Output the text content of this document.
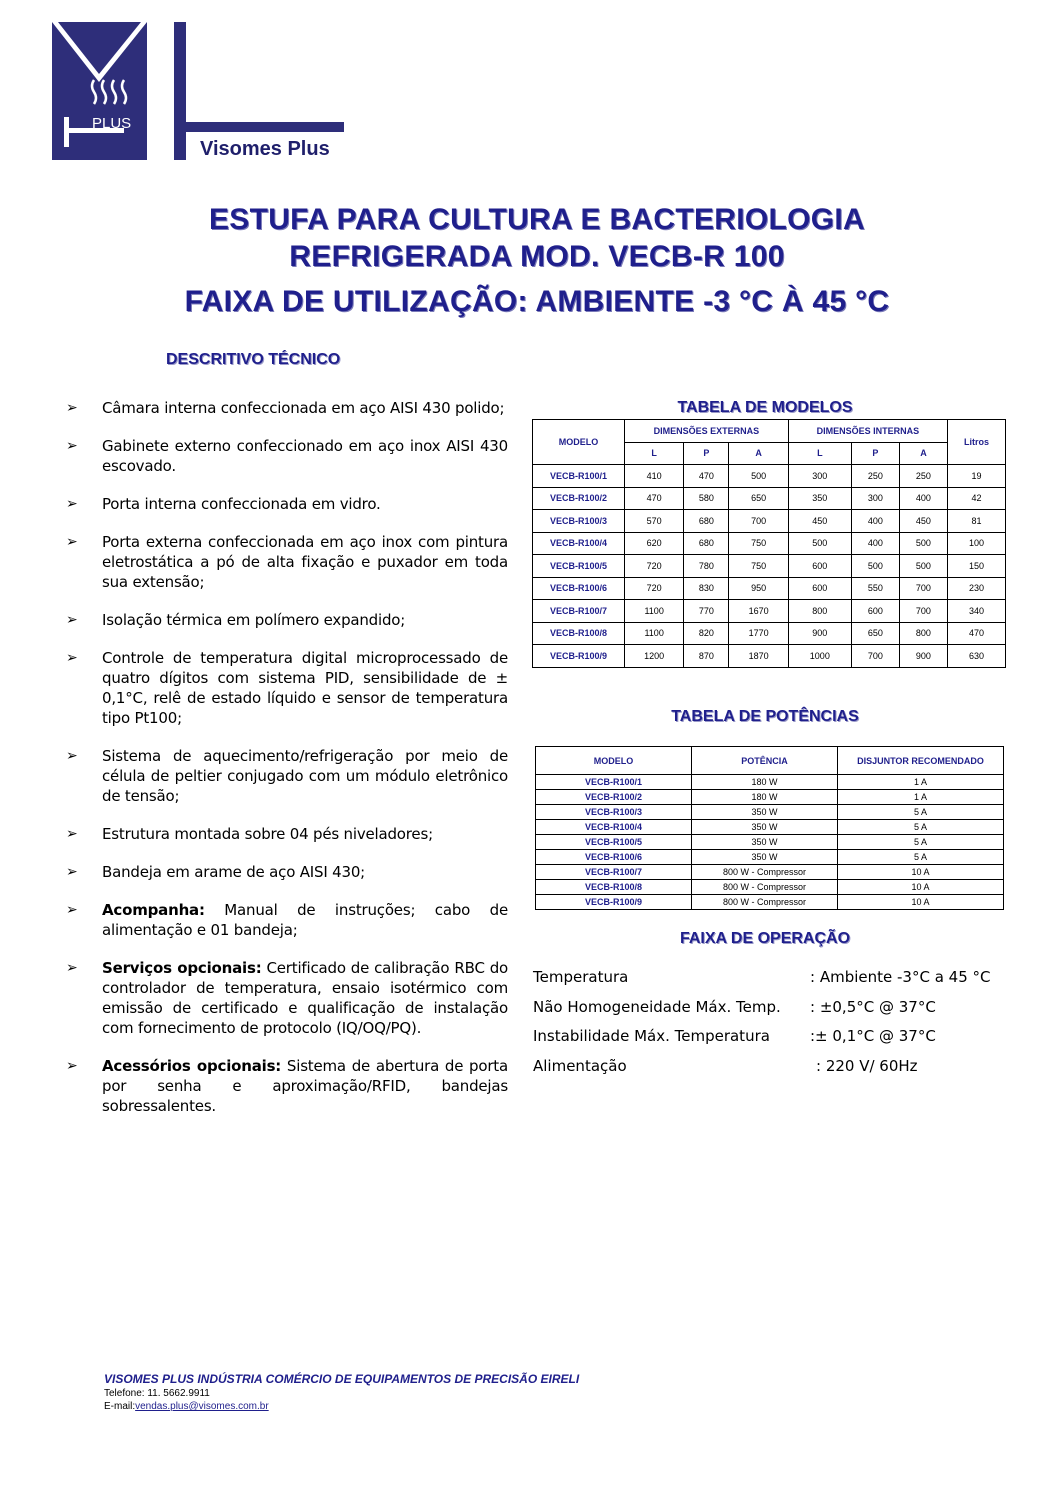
PLUS
Visomes Plus
ESTUFA PARA CULTURA E BACTERIOLOGIA
REFRIGERADA MOD. VECB-R 100
FAIXA DE UTILIZAÇÃO: AMBIENTE -3 °C À 45 °C
DESCRITIVO TÉCNICO
➢ Câmara interna confeccionada em aço AISI 430 polido;
➢ Gabinete externo confeccionado em aço inox AISI 430 escovado.
➢ Porta interna confeccionada em vidro.
➢ Porta externa confeccionada em aço inox com pintura eletrostática a pó de alta fixação e puxador em toda sua extensão;
➢ Isolação térmica em polímero expandido;
➢ Controle de temperatura digital microprocessado de quatro dígitos com sistema PID, sensibilidade de ± 0,1°C, relê de estado líquido e sensor de temperatura tipo Pt100;
➢ Sistema de aquecimento/refrigeração por meio de célula de peltier conjugado com um módulo eletrônico de tensão;
➢ Estrutura montada sobre 04 pés niveladores;
➢ Bandeja em arame de aço AISI 430;
➢ Acompanha: Manual de instruções; cabo de alimentação e 01 bandeja;
➢ Serviços opcionais: Certificado de calibração RBC do controlador de temperatura, ensaio isotérmico com emissão de certificado e qualificação de instalação com fornecimento de protocolo (IQ/OQ/PQ).
➢ Acessórios opcionais: Sistema de abertura de porta por senha e aproximação/RFID, bandejas sobressalentes.
TABELA DE MODELOS
MODELO	DIMENSÕES EXTERNAS			DIMENSÕES INTERNAS			Litros
	L	P	A	L	P	A	
VECB-R100/1	410	470	500	300	250	250	19
VECB-R100/2	470	580	650	350	300	400	42
VECB-R100/3	570	680	700	450	400	450	81
VECB-R100/4	620	680	750	500	400	500	100
VECB-R100/5	720	780	750	600	500	500	150
VECB-R100/6	720	830	950	600	550	700	230
VECB-R100/7	1100	770	1670	800	600	700	340
VECB-R100/8	1100	820	1770	900	650	800	470
VECB-R100/9	1200	870	1870	1000	700	900	630
TABELA DE POTÊNCIAS
MODELO	POTÊNCIA	DISJUNTOR RECOMENDADO
VECB-R100/1	180 W	1 A
VECB-R100/2	180 W	1 A
VECB-R100/3	350 W	5 A
VECB-R100/4	350 W	5 A
VECB-R100/5	350 W	5 A
VECB-R100/6	350 W	5 A
VECB-R100/7	800 W - Compressor	10 A
VECB-R100/8	800 W - Compressor	10 A
VECB-R100/9	800 W - Compressor	10 A
FAIXA DE OPERAÇÃO
Temperatura	: Ambiente -3°C a 45 °C
Não Homogeneidade Máx. Temp. : ±0,5°C @ 37°C
Instabilidade Máx. Temperatura	:± 0,1°C @ 37°C
Alimentação	: 220 V/ 60Hz
VISOMES PLUS INDÚSTRIA COMÉRCIO DE EQUIPAMENTOS DE PRECISÃO EIRELI
Telefone: 11. 5662.9911
E-mail:vendas.plus@visomes.com.br
